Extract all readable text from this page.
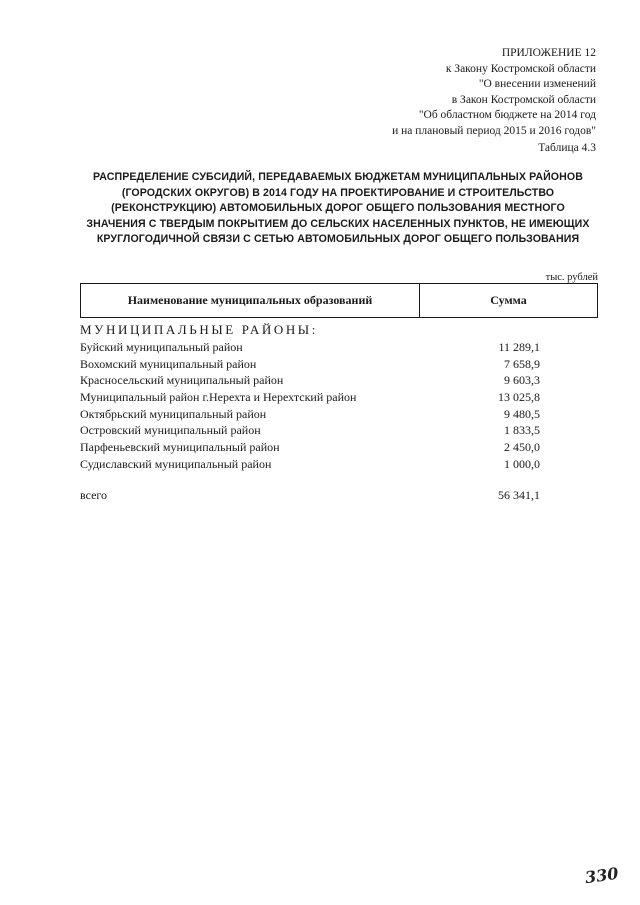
ПРИЛОЖЕНИЕ 12
к Закону Костромской области
"О внесении изменений
в Закон Костромской области
"Об областном бюджете на 2014 год
и на плановый период 2015 и 2016 годов"
Таблица 4.3
РАСПРЕДЕЛЕНИЕ СУБСИДИЙ, ПЕРЕДАВАЕМЫХ БЮДЖЕТАМ МУНИЦИПАЛЬНЫХ РАЙОНОВ
(ГОРОДСКИХ ОКРУГОВ) В 2014 ГОДУ НА ПРОЕКТИРОВАНИЕ И СТРОИТЕЛЬСТВО
(РЕКОНСТРУКЦИЮ) АВТОМОБИЛЬНЫХ ДОРОГ ОБЩЕГО ПОЛЬЗОВАНИЯ МЕСТНОГО
ЗНАЧЕНИЯ С ТВЕРДЫМ ПОКРЫТИЕМ ДО СЕЛЬСКИХ НАСЕЛЕННЫХ ПУНКТОВ, НЕ ИМЕЮЩИХ
КРУГЛОГОДИЧНОЙ СВЯЗИ С СЕТЬЮ АВТОМОБИЛЬНЫХ ДОРОГ ОБЩЕГО ПОЛЬЗОВАНИЯ
тыс. рублей
Наименование муниципальных образований	Сумма
МУНИЦИПАЛЬНЫЕ РАЙОНЫ:
Буйский муниципальный район	11 289,1
Вохомский муниципальный район	7 658,9
Красносельский муниципальный район	9 603,3
Муниципальный район г.Нерехта и Нерехтский район	13 025,8
Октябрьский муниципальный район	9 480,5
Островский муниципальный район	1 833,5
Парфеньевский муниципальный район	2 450,0
Судиславский муниципальный район	1 000,0
всего	56 341,1
330
